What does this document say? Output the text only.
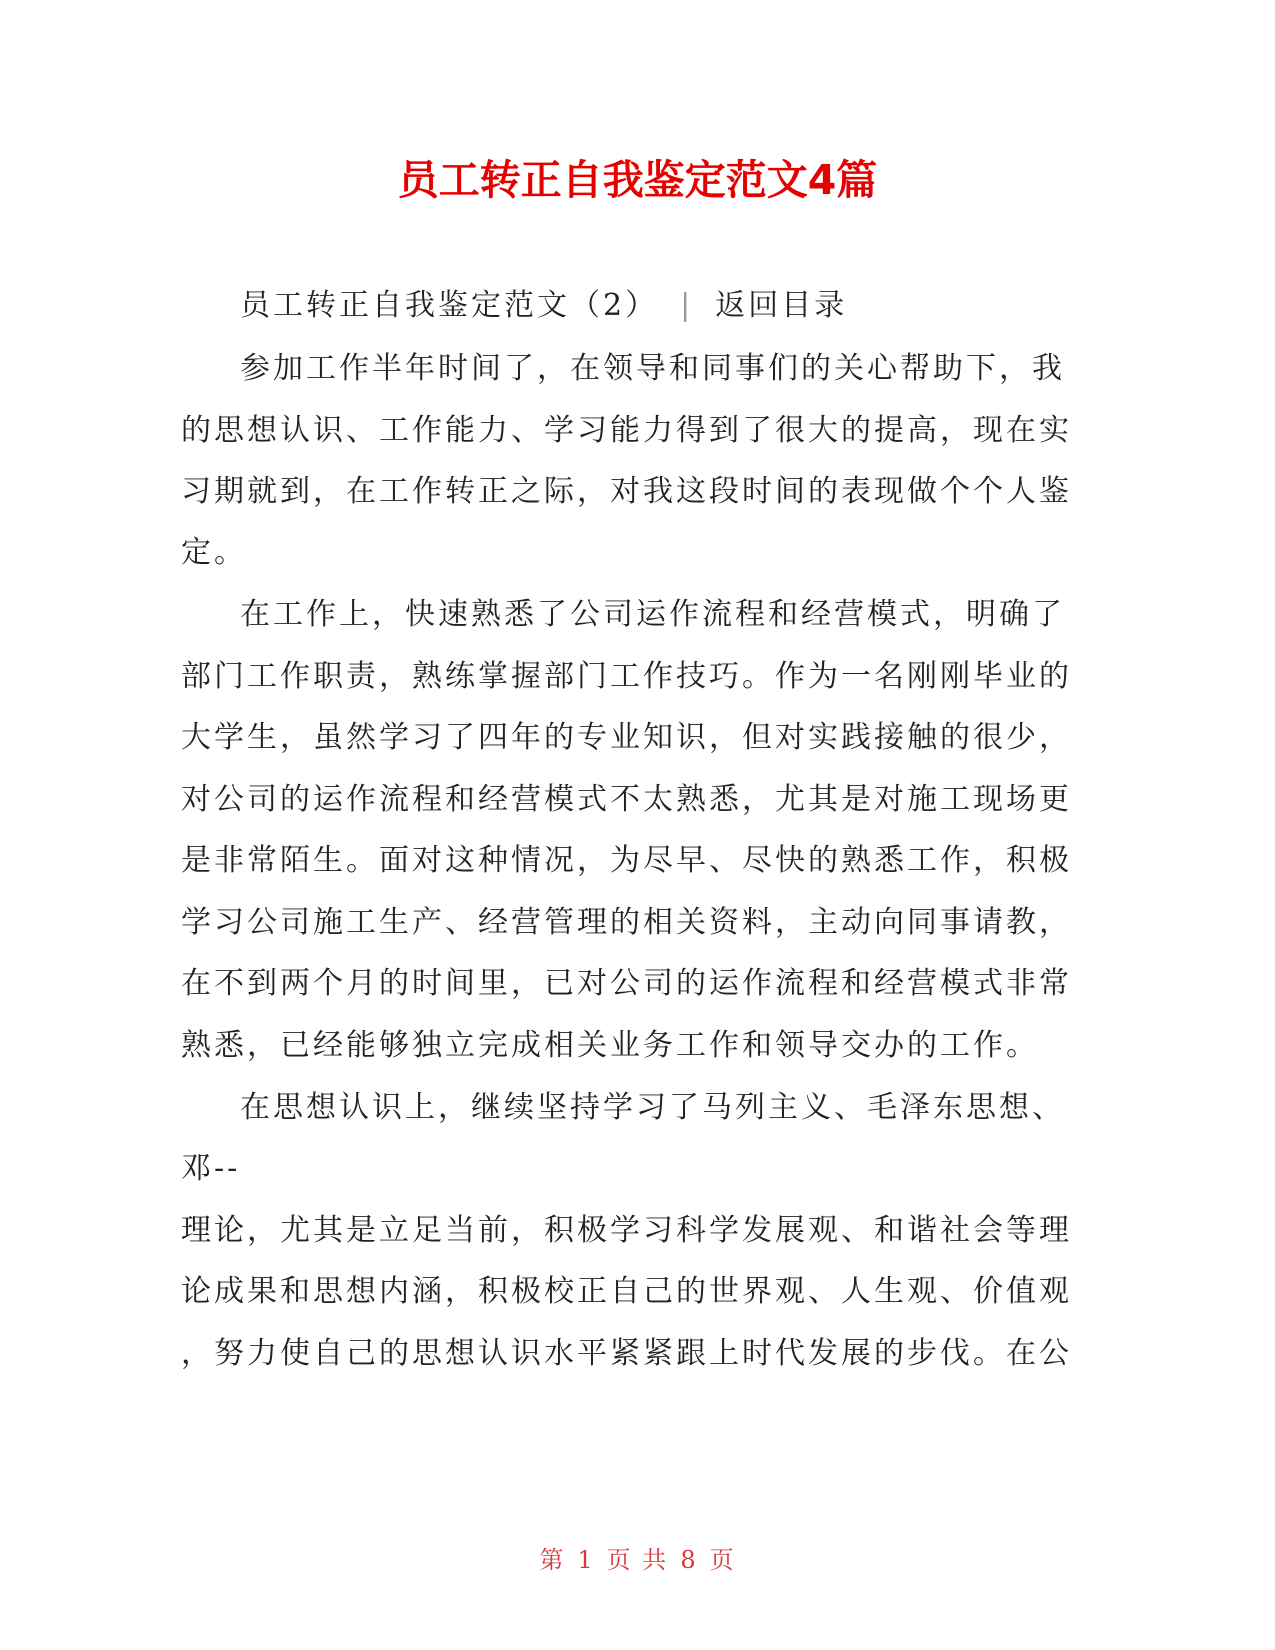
员工转正自我鉴定范文4篇
员工转正自我鉴定范文（2） | 返回目录
参加工作半年时间了，在领导和同事们的关心帮助下，我
的思想认识、工作能力、学习能力得到了很大的提高，现在实
习期就到，在工作转正之际，对我这段时间的表现做个个人鉴
定。
在工作上，快速熟悉了公司运作流程和经营模式，明确了
部门工作职责，熟练掌握部门工作技巧。作为一名刚刚毕业的
大学生，虽然学习了四年的专业知识，但对实践接触的很少，
对公司的运作流程和经营模式不太熟悉，尤其是对施工现场更
是非常陌生。面对这种情况，为尽早、尽快的熟悉工作，积极
学习公司施工生产、经营管理的相关资料，主动向同事请教，
在不到两个月的时间里，已对公司的运作流程和经营模式非常
熟悉，已经能够独立完成相关业务工作和领导交办的工作。
在思想认识上，继续坚持学习了马列主义、毛泽东思想、
邓--
理论，尤其是立足当前，积极学习科学发展观、和谐社会等理
论成果和思想内涵，积极校正自己的世界观、人生观、价值观
，努力使自己的思想认识水平紧紧跟上时代发展的步伐。在公
第 1 页 共 8 页
